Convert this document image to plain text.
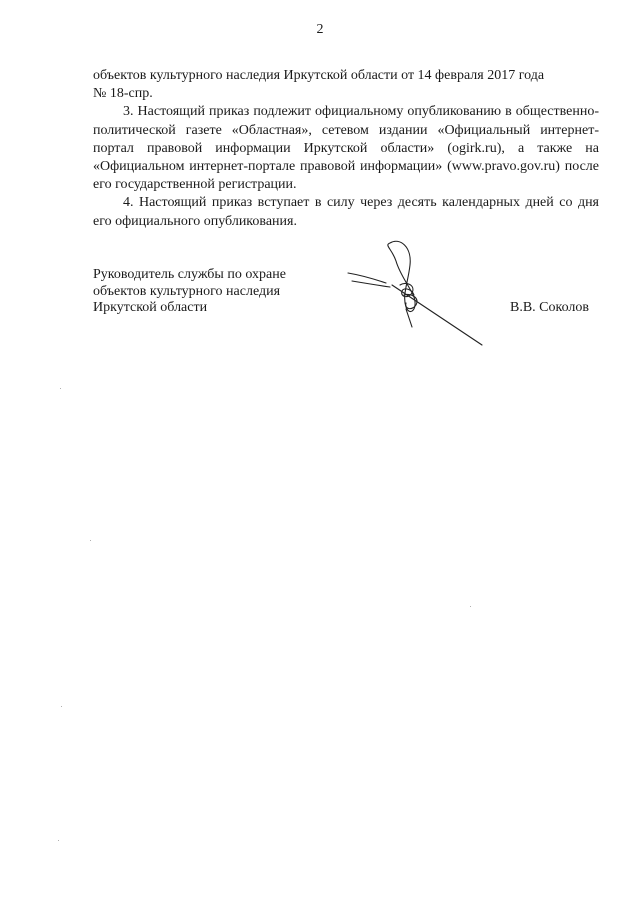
2

объектов культурного наследия Иркутской области от 14 февраля 2017 года
№ 18-спр.

3. Настоящий приказ подлежит официальному опубликованию в общественно-политической газете «Областная», сетевом издании «Официальный интернет-портал правовой информации Иркутской области» (ogirk.ru), а также на «Официальном интернет-портале правовой информации» (www.pravo.gov.ru) после его государственной регистрации.

4. Настоящий приказ вступает в силу через десять календарных дней со дня его официального опубликования.

Руководитель службы по охране
объектов культурного наследия
Иркутской области	В.В. Соколов
